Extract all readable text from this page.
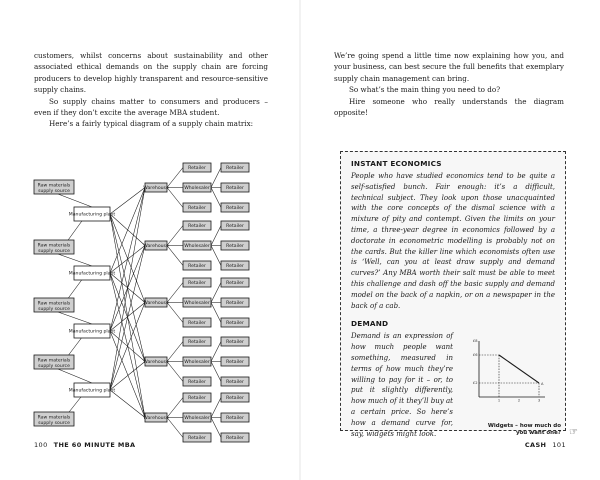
customers, whilst concerns about sustainability and other associated ethical demands on the supply chain are forcing producers to develop highly transparent and resource-sensitive supply chains.

So supply chains matter to consumers and producers – even if they don’t excite the average MBA student.

Here’s a fairly typical diagram of a supply chain matrix:

Raw materials
supply source
Raw materials
supply source
Raw materials
supply source
Raw materials
supply source
Raw materials
supply source
Manufacturing plant
Manufacturing plant
Manufacturing plant
Manufacturing plant
Warehouse
Retailer
Wholesaler
Retailer
Retailer
Retailer
Retailer
Warehouse
Retailer
Wholesaler
Retailer
Retailer
Retailer
Retailer
Warehouse
Retailer
Wholesaler
Retailer
Retailer
Retailer
Retailer
Warehouse
Retailer
Wholesaler
Retailer
Retailer
Retailer
Retailer
Warehouse
Retailer
Wholesaler
Retailer
Retailer
Retailer
Retailer
100 THE 60 MINUTE MBA

We’re going spend a little time now explaining how you, and your business, can best secure the full benefits that exemplary supply chain management can bring.

So what’s the main thing you need to do?

Hire someone who really understands the diagram opposite!

INSTANT ECONOMICS

People who have studied economics tend to be quite a self-satisfied bunch. Fair enough: it’s a difficult, technical subject. They look upon those unacquainted with the core concepts of the dismal science with a mixture of pity and contempt. Given the limits on your time, a three-year degree in economics followed by a doctorate in econometric modelling is probably not on the cards. But the killer line which economists often use is ‘Well, can you at least draw supply and demand curves?’ Any MBA worth their salt must be able to meet this challenge and dash off the basic supply and demand model on the back of a napkin, or on a newspaper in the back of a cab.

DEMAND

Demand is an expression of how much people want something, measured in terms of how much they’re willing to pay for it – or, to put it slightly differently, how much of it they’ll buy at a certain price. So here’s how a demand curve for, say, widgets might look.

£2
£6
£8
1	2	3
A
Widgets – how much do you want one? ☞
CASH 101
